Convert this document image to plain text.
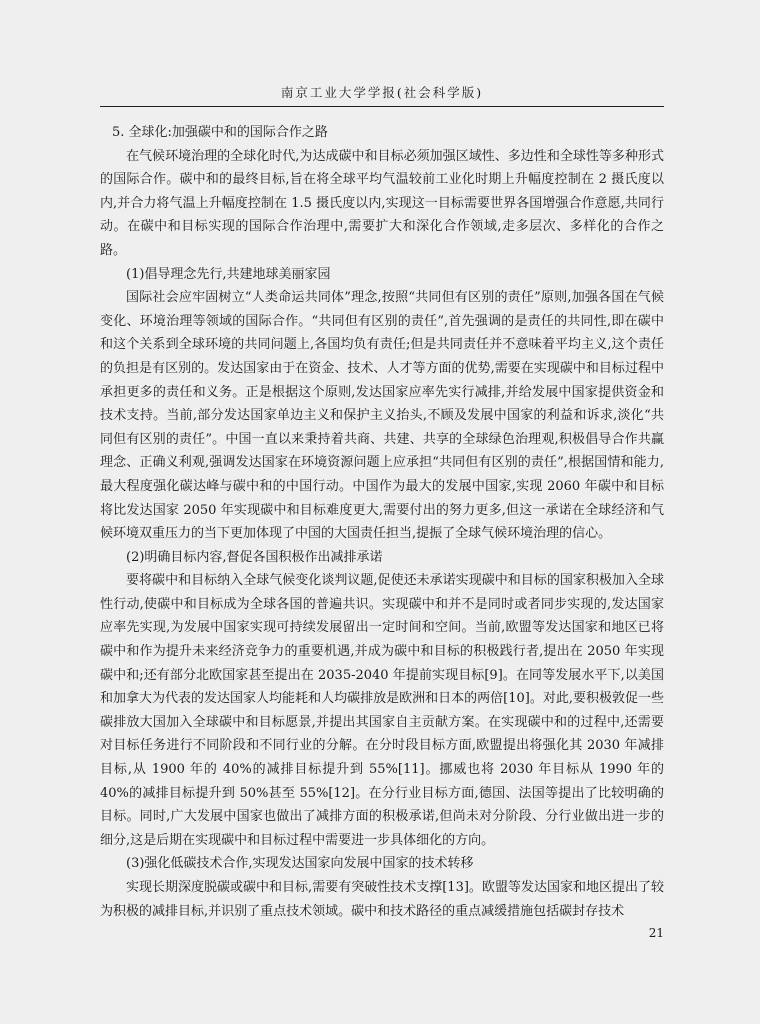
南京工业大学学报(社会科学版)

5. 全球化:加强碳中和的国际合作之路

在气候环境治理的全球化时代,为达成碳中和目标必须加强区域性、多边性和全球性等多种形式的国际合作。碳中和的最终目标,旨在将全球平均气温较前工业化时期上升幅度控制在 2 摄氏度以内,并合力将气温上升幅度控制在 1.5 摄氏度以内,实现这一目标需要世界各国增强合作意愿,共同行动。在碳中和目标实现的国际合作治理中,需要扩大和深化合作领域,走多层次、多样化的合作之路。

(1)倡导理念先行,共建地球美丽家园

国际社会应牢固树立“人类命运共同体”理念,按照“共同但有区别的责任”原则,加强各国在气候变化、环境治理等领域的国际合作。“共同但有区别的责任”,首先强调的是责任的共同性,即在碳中和这个关系到全球环境的共同问题上,各国均负有责任;但是共同责任并不意味着平均主义,这个责任的负担是有区别的。发达国家由于在资金、技术、人才等方面的优势,需要在实现碳中和目标过程中承担更多的责任和义务。正是根据这个原则,发达国家应率先实行减排,并给发展中国家提供资金和技术支持。当前,部分发达国家单边主义和保护主义抬头,不顾及发展中国家的利益和诉求,淡化“共同但有区别的责任”。中国一直以来秉持着共商、共建、共享的全球绿色治理观,积极倡导合作共赢理念、正确义利观,强调发达国家在环境资源问题上应承担“共同但有区别的责任”,根据国情和能力,最大程度强化碳达峰与碳中和的中国行动。中国作为最大的发展中国家,实现 2060 年碳中和目标将比发达国家 2050 年实现碳中和目标难度更大,需要付出的努力更多,但这一承诺在全球经济和气候环境双重压力的当下更加体现了中国的大国责任担当,提振了全球气候环境治理的信心。

(2)明确目标内容,督促各国积极作出减排承诺

要将碳中和目标纳入全球气候变化谈判议题,促使还未承诺实现碳中和目标的国家积极加入全球性行动,使碳中和目标成为全球各国的普遍共识。实现碳中和并不是同时或者同步实现的,发达国家应率先实现,为发展中国家实现可持续发展留出一定时间和空间。当前,欧盟等发达国家和地区已将碳中和作为提升未来经济竞争力的重要机遇,并成为碳中和目标的积极践行者,提出在 2050 年实现碳中和;还有部分北欧国家甚至提出在 2035-2040 年提前实现目标[9]。在同等发展水平下,以美国和加拿大为代表的发达国家人均能耗和人均碳排放是欧洲和日本的两倍[10]。对此,要积极敦促一些碳排放大国加入全球碳中和目标愿景,并提出其国家自主贡献方案。在实现碳中和的过程中,还需要对目标任务进行不同阶段和不同行业的分解。在分时段目标方面,欧盟提出将强化其 2030 年减排目标,从 1900 年的 40%的减排目标提升到 55%[11]。挪威也将 2030 年目标从 1990 年的 40%的减排目标提升到 50%甚至 55%[12]。在分行业目标方面,德国、法国等提出了比较明确的目标。同时,广大发展中国家也做出了减排方面的积极承诺,但尚未对分阶段、分行业做出进一步的细分,这是后期在实现碳中和目标过程中需要进一步具体细化的方向。

(3)强化低碳技术合作,实现发达国家向发展中国家的技术转移

实现长期深度脱碳或碳中和目标,需要有突破性技术支撑[13]。欧盟等发达国家和地区提出了较为积极的减排目标,并识别了重点技术领域。碳中和技术路径的重点减缓措施包括碳封存技术

21
